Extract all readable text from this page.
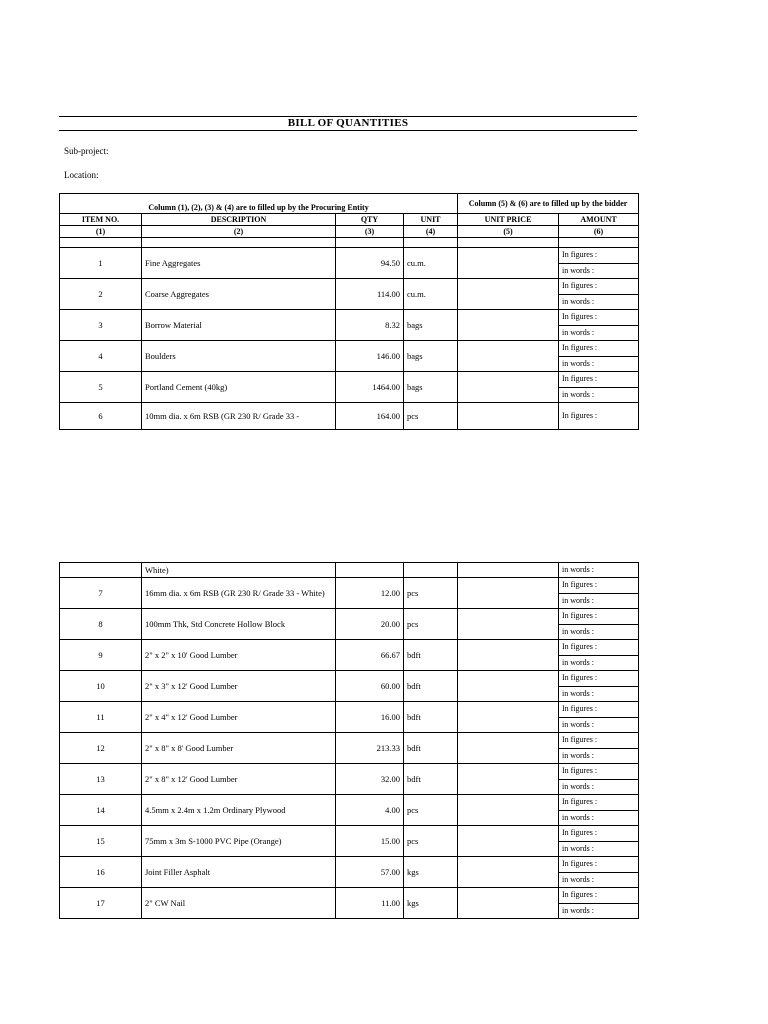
BILL OF QUANTITIES
Sub-project:
Location:
Column (1), (2), (3) & (4) are to filled up by the Procuring Entity				Column (5) & (6) are to filled up by the bidder	
ITEM NO.	DESCRIPTION	QTY	UNIT	UNIT PRICE	AMOUNT
(1)	(2)	(3)	(4)	(5)	(6)

1	Fine Aggregates	94.50	cu.m.		In figures :
					in words :
2	Coarse Aggregates	114.00	cu.m.		In figures :
					in words :
3	Borrow Material	8.32	bags		In figures :
					in words :
4	Boulders	146.00	bags		In figures :
					in words :
5	Portland Cement (40kg)	1464.00	bags		In figures :
					in words :
6	10mm dia. x 6m RSB (GR 230 R/ Grade 33 -	164.00	pcs		In figures :
	White)				in words :
7	16mm dia. x 6m RSB (GR 230 R/ Grade 33 - White)	12.00	pcs		In figures :
					in words :
8	100mm Thk, Std Concrete Hollow Block	20.00	pcs		In figures :
					in words :
9	2" x 2" x 10' Good Lumber	66.67	bdft		In figures :
					in words :
10	2" x 3" x 12' Good Lumber	60.00	bdft		In figures :
					in words :
11	2" x 4" x 12' Good Lumber	16.00	bdft		In figures :
					in words :
12	2" x 8" x 8' Good Lumber	213.33	bdft		In figures :
					in words :
13	2" x 8" x 12' Good Lumber	32.00	bdft		In figures :
					in words :
14	4.5mm x 2.4m x 1.2m Ordinary Plywood	4.00	pcs		In figures :
					in words :
15	75mm x 3m S-1000 PVC Pipe (Orange)	15.00	pcs		In figures :
					in words :
16	Joint Filler Asphalt	57.00	kgs		In figures :
					in words :
17	2" CW Nail	11.00	kgs		In figures :
					in words :
